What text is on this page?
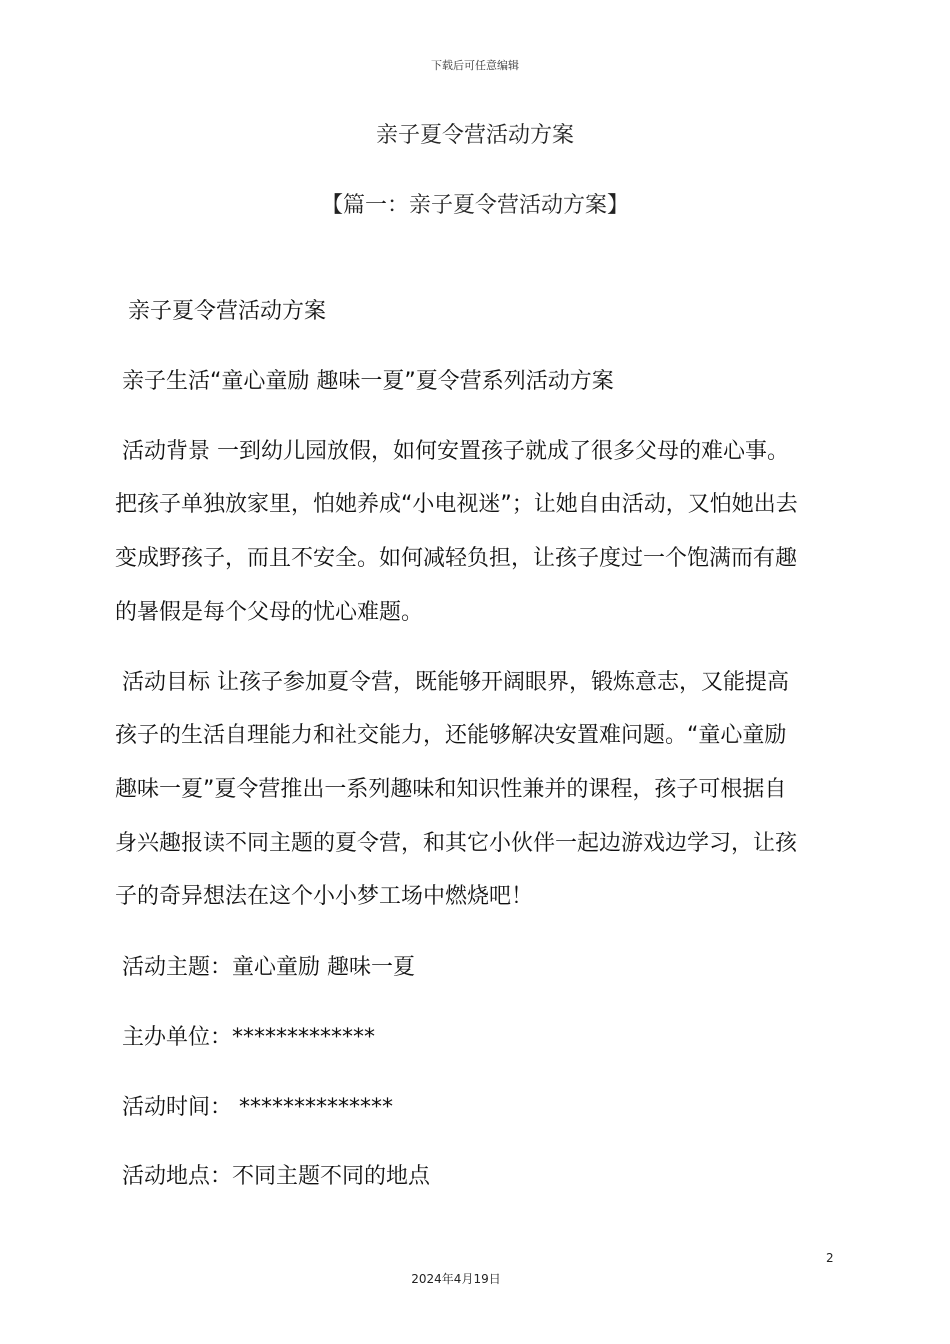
下载后可任意编辑
亲子夏令营活动方案
【篇一：亲子夏令营活动方案】
亲子夏令营活动方案
亲子生活“童心童励 趣味一夏”夏令营系列活动方案
活动背景 一到幼儿园放假，如何安置孩子就成了很多父母的难心事。
把孩子单独放家里，怕她养成“小电视迷”；让她自由活动，又怕她出去
变成野孩子，而且不安全。如何减轻负担，让孩子度过一个饱满而有趣
的暑假是每个父母的忧心难题。
活动目标 让孩子参加夏令营，既能够开阔眼界，锻炼意志，又能提高
孩子的生活自理能力和社交能力，还能够解决安置难问题。“童心童励
趣味一夏”夏令营推出一系列趣味和知识性兼并的课程，孩子可根据自
身兴趣报读不同主题的夏令营，和其它小伙伴一起边游戏边学习，让孩
子的奇异想法在这个小小梦工场中燃烧吧！
活动主题：童心童励 趣味一夏
主办单位：*************
活动时间： **************
活动地点：不同主题不同的地点
2
2024年4月19日
